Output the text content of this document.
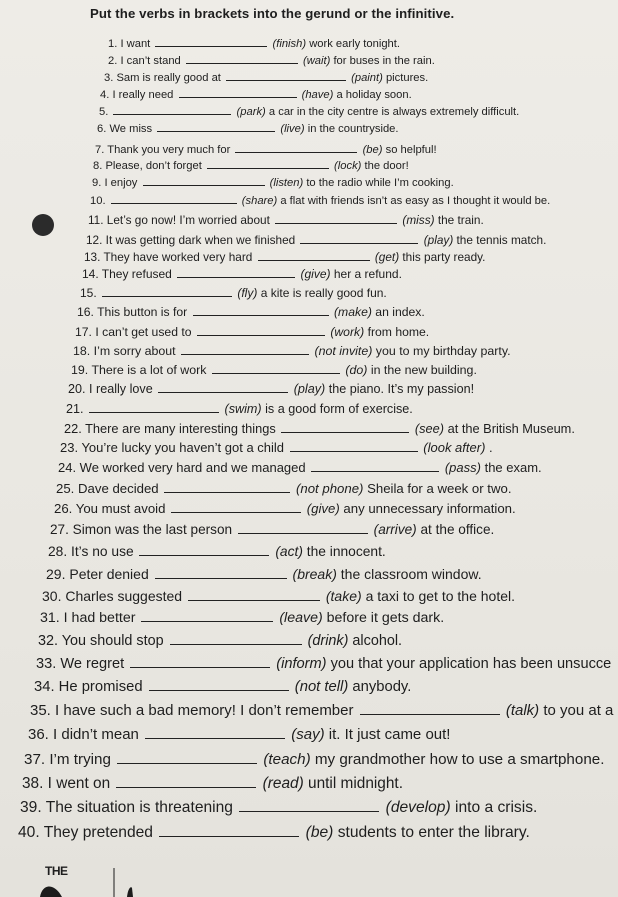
Put the verbs in brackets into the gerund or the infinitive.
1. I want	(finish) work early tonight.
2. I can’t stand	(wait) for buses in the rain.
3. Sam is really good at	(paint) pictures.
4. I really need	(have) a holiday soon.
5.	(park) a car in the city centre is always extremely difficult.
6. We miss	(live) in the countryside.
7. Thank you very much for	(be) so helpful!
8. Please, don’t forget	(lock) the door!
9. I enjoy	(listen) to the radio while I’m cooking.
10.	(share) a flat with friends isn’t as easy as I thought it would be.
11. Let’s go now! I’m worried about	(miss) the train.
12. It was getting dark when we finished	(play) the tennis match.
13. They have worked very hard	(get) this party ready.
14. They refused	(give) her a refund.
15.	(fly) a kite is really good fun.
16. This button is for	(make) an index.
17. I can’t get used to	(work) from home.
18. I’m sorry about	(not invite) you to my birthday party.
19. There is a lot of work	(do) in the new building.
20. I really love	(play) the piano. It’s my passion!
21.	(swim) is a good form of exercise.
22. There are many interesting things	(see) at the British Museum.
23. You’re lucky you haven’t got a child	(look after) .
24. We worked very hard and we managed	(pass) the exam.
25. Dave decided	(not phone) Sheila for a week or two.
26. You must avoid	(give) any unnecessary information.
27. Simon was the last person	(arrive) at the office.
28. It’s no use	(act) the innocent.
29. Peter denied	(break) the classroom window.
30. Charles suggested	(take) a taxi to get to the hotel.
31. I had better	(leave) before it gets dark.
32. You should stop	(drink) alcohol.
33. We regret	(inform) you that your application has been unsucce
34. He promised	(not tell) anybody.
35. I have such a bad memory! I don’t remember	(talk) to you at a
36. I didn’t mean	(say) it. It just came out!
37. I’m trying	(teach) my grandmother how to use a smartphone.
38. I went on	(read) until midnight.
39. The situation is threatening	(develop) into a crisis.
40. They pretended	(be) students to enter the library.
THE
